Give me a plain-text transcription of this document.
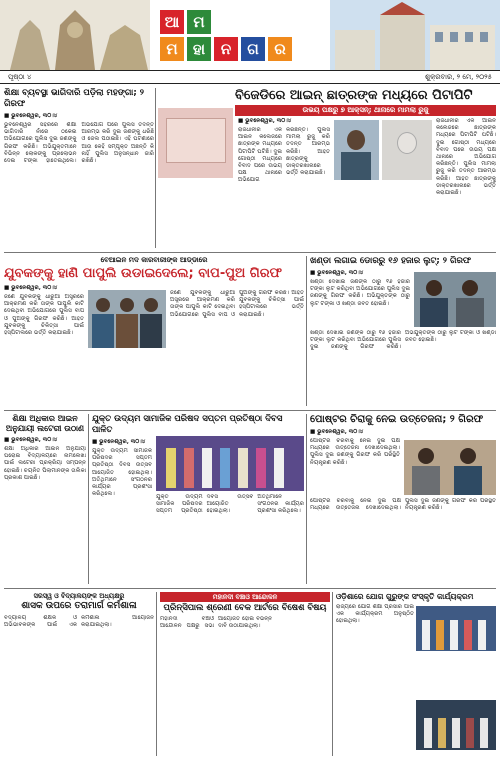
ଆ ମ
ମ	ହା	ନ	ଗ	ର
ପୃଷ୍ଠା ୪	ଶୁକ୍ରବାର, ୨ ମେ, ୨୦୨୫
ଶିକ୍ଷା ବ୍ୟବସ୍ଥା ଭାଗିଦାରି ପଡ଼ିଲା ମହଙ୍ଗା; ୨ ଗିରଫ
■ ଭୁବନେଶ୍ୱର, ୩୦।୪
ଭୁବନେଶ୍ୱର ସହରରେ ଶିକ୍ଷା ଭାଗିଦାରି ନାଁରେ ଠକେଇ ଅଭିଯୋଗରେ ପୁଲିସ ଦୁଇ ଜଣଙ୍କୁ ଗିରଫ କରିଛି। ଅଭିଯୁକ୍ତମାନେ ବିଭିନ୍ନ ଲୋକଙ୍କୁ ପ୍ରଲୋଭନ ଦେଇ ଟଙ୍କା ହାତେଇଥିଲେ। ଅଭିଯୋଗ ପରେ ପୁଲିସ ତଦନ୍ତ ଆରମ୍ଭ କରି ଦୁଇ ଜଣଙ୍କୁ ଧରିଛି ଓ ଜେଲ ପଠାଇଛି। ଏହି ଘଟଣାରେ ଆଉ କେହି ସମ୍ପୃକ୍ତ ଅଛନ୍ତି କି ନାହିଁ ପୁଲିସ ଅନୁସନ୍ଧାନ ଜାରି ରଖିଛି।
ବିଜେଡିରେ ଆଇନ୍ ଛାତ୍ରଙ୍କ ମଧ୍ୟରେ ପିଟାପିଟି
ଉଭୟ ପକ୍ଷରୁ ୭ ଆକ୍ସନ୍; ଥାନାରେ ମାମଲା ରୁଜୁ
■ ଭୁବନେଶ୍ୱର, ୩୦।୪
ରାଜଧାନୀର ଏକ ଆଇନ କଲେଜରେ ଛାତ୍ରଙ୍କ ମଧ୍ୟରେ ପିଟାପିଟି ଘଟିଛି। ଦୁଇ ଗୋଷ୍ଠୀ ମଧ୍ୟରେ ବିବାଦ ପରେ ଉଭୟ ପକ୍ଷ ଥାନାରେ ଅଭିଯୋଗ କରିଛନ୍ତି। ପୁଲିସ ମାମଲା ରୁଜୁ କରି ତଦନ୍ତ ଆରମ୍ଭ କରିଛି। ଆହତ ଛାତ୍ରଙ୍କୁ ଡାକ୍ତରଖାନାରେ ଭର୍ତ୍ତି କରାଯାଇଛି।
ରାଜଧାନୀର ଏକ ଆଇନ କଲେଜରେ ଛାତ୍ରଙ୍କ ମଧ୍ୟରେ ପିଟାପିଟି ଘଟିଛି। ଦୁଇ ଗୋଷ୍ଠୀ ମଧ୍ୟରେ ବିବାଦ ପରେ ଉଭୟ ପକ୍ଷ ଥାନାରେ ଅଭିଯୋଗ କରିଛନ୍ତି। ପୁଲିସ ମାମଲା ରୁଜୁ କରି ତଦନ୍ତ ଆରମ୍ଭ କରିଛି। ଆହତ ଛାତ୍ରଙ୍କୁ ଡାକ୍ତରଖାନାରେ ଭର୍ତ୍ତି କରାଯାଇଛି।
ବେଆଇନ ମଦ କାରବାରୀଙ୍କ ଆଡ୍ଡାରେ
ଯୁବକଙ୍କୁ ହାଣି ପାପୁଲି ଉଡାଇଦେଲେ; ବାପ-ପୁଅ ଗିରଫ
■ ଭୁବନେଶ୍ୱର, ୩୦।୪
ଜଣେ ଯୁବକଙ୍କୁ ଧାରୁଆ ଅସ୍ତ୍ରରେ ଆକ୍ରମଣ କରି ତାଙ୍କ ପାପୁଲି କାଟି ଦେଇଥିବା ଅଭିଯୋଗରେ ପୁଲିସ ବାପ ଓ ପୁଅଙ୍କୁ ଗିରଫ କରିଛି। ଆହତ ଯୁବକଙ୍କୁ ଚିକିତ୍ସା ପାଇଁ ହସ୍ପିଟାଲରେ ଭର୍ତ୍ତି କରାଯାଇଛି।
ଜଣେ ଯୁବକଙ୍କୁ ଧାରୁଆ ଅସ୍ତ୍ରରେ ଆକ୍ରମଣ କରି ତାଙ୍କ ପାପୁଲି କାଟି ଦେଇଥିବା ଅଭିଯୋଗରେ ପୁଲିସ ବାପ ଓ ପୁଅଙ୍କୁ ଗିରଫ କରିଛି। ଆହତ ଯୁବକଙ୍କୁ ଚିକିତ୍ସା ପାଇଁ ହସ୍ପିଟାଲରେ ଭର୍ତ୍ତି କରାଯାଇଛି।
ଖଣ୍ଡା ଲଗାଇ ଡୋରରୁ ୧୬ ହଜାର ଲୁଟ୍; ୨ ଗିରଫ
■ ଭୁବନେଶ୍ୱର, ୩୦।୪
ଖଣ୍ଡା ଦେଖାଇ ଜଣଙ୍କ ଠାରୁ ୧୬ ହଜାର ଟଙ୍କା ଲୁଟ କରିଥିବା ଅଭିଯୋଗରେ ପୁଲିସ ଦୁଇ ଜଣଙ୍କୁ ଗିରଫ କରିଛି। ଅଭିଯୁକ୍ତଙ୍କ ଠାରୁ ଲୁଟ ଟଙ୍କା ଓ ଖଣ୍ଡା ଜବତ ହୋଇଛି।
ଖଣ୍ଡା ଦେଖାଇ ଜଣଙ୍କ ଠାରୁ ୧୬ ହଜାର ଟଙ୍କା ଲୁଟ କରିଥିବା ଅଭିଯୋଗରେ ପୁଲିସ ଦୁଇ ଜଣଙ୍କୁ ଗିରଫ କରିଛି। ଅଭିଯୁକ୍ତଙ୍କ ଠାରୁ ଲୁଟ ଟଙ୍କା ଓ ଖଣ୍ଡା ଜବତ ହୋଇଛି।
ଶିକ୍ଷା ଅଧିକାର ଆଇନ ଅନୁଯାୟୀ ଲଟେରୀ ଉଠାଣ
■ ଭୁବନେଶ୍ୱର, ୩୦।୪
ଶିକ୍ଷା ଅଧିକାର ଆଇନ ଅନୁଯାୟୀ ଘରୋଇ ବିଦ୍ୟାଳୟରେ ନାମଲେଖା ପାଇଁ ଲଟେରୀ ପ୍ରକ୍ରିୟା ସମ୍ପନ୍ନ ହୋଇଛି। ଚୟନିତ ପିଲାମାନଙ୍କ ତାଲିକା ପ୍ରକାଶ ପାଇଛି।
ଯୁକ୍ତ ଉଦ୍ୟମ ସାମାଜିକ ପରିଷଦ ସପ୍ତମ ପ୍ରତିଷ୍ଠା ଦିବସ ପାଳିତ
■ ଭୁବନେଶ୍ୱର, ୩୦।୪
ଯୁକ୍ତ ଉଦ୍ୟମ ସାମାଜିକ ପରିଷଦର ସପ୍ତମ ପ୍ରତିଷ୍ଠା ଦିବସ ଉତ୍ସବ ଆୟୋଜିତ ହୋଇଥିଲା। ଅତିଥିମାନେ ସଂଗଠନର କାର୍ଯ୍ୟର ପ୍ରଶଂସା କରିଥିଲେ।	ଯୁକ୍ତ ଉଦ୍ୟମ ସାମାଜିକ ପରିଷଦର ସପ୍ତମ ପ୍ରତିଷ୍ଠା ଦିବସ ଉତ୍ସବ ଆୟୋଜିତ ହୋଇଥିଲା। ଅତିଥିମାନେ ସଂଗଠନର କାର୍ଯ୍ୟର ପ୍ରଶଂସା କରିଥିଲେ।
ପୋଷ୍ଟର ଚିରାକୁ ନେଇ ଉତ୍ତେଜନା; ୨ ଗିରଫ
■ ଭୁବନେଶ୍ୱର, ୩୦।୪
ପୋଷ୍ଟର ଚିରିବାକୁ ନେଇ ଦୁଇ ପକ୍ଷ ମଧ୍ୟରେ ଉତ୍ତେଜନା ଦେଖାଦେଇଥିଲା। ପୁଲିସ ଦୁଇ ଜଣଙ୍କୁ ଗିରଫ କରି ପରିସ୍ଥିତି ନିୟନ୍ତ୍ରଣ କରିଛି।
ପୋଷ୍ଟର ଚିରିବାକୁ ନେଇ ଦୁଇ ପକ୍ଷ ମଧ୍ୟରେ ଉତ୍ତେଜନା ଦେଖାଦେଇଥିଲା। ପୁଲିସ ଦୁଇ ଜଣଙ୍କୁ ଗିରଫ କରି ପରିସ୍ଥିତି ନିୟନ୍ତ୍ରଣ କରିଛି।
ସରସ୍ୱ ଓ ବିଦ୍ୟାଳୟଙ୍କ ଅଧ୍ୟକ୍ଷରୁ
ଶାସକ ଉପରେ ତରାମାର୍ଗ କର୍ମଶାଳା
ବିଦ୍ୟାଳୟ ଶିକ୍ଷକ ଓ ଅଭିଭାବକଙ୍କ ପାଇଁ ଏକ କର୍ମଶାଳା ଆୟୋଜନ କରାଯାଇଥିଲା।
ମହାନଦୀ ବଞ୍ଚାଓ ଆନ୍ଦୋଳନ
ପ୍ରିନ୍ସିପାଲ ଶ୍ରେଣୀ ବେକ ଆର୍ଟରେ ବିଷେଶ ବିଷୟ
ମହାନଦୀ ବଞ୍ଚାଓ ଆନ୍ଦୋଳନ ପକ୍ଷରୁ ସଭା ଆୟୋଜିତ ହୋଇ ବିଭିନ୍ନ ଦାବି ଉଠାଯାଇଥିଲା।
ଓଡ଼ିଶାରେ ଯୋଗ ଗୁରୁଙ୍କ ସଂସ୍କୃତି କାର୍ଯ୍ୟକ୍ରମ
ରାଜ୍ୟରେ ଯୋଗ ଶିକ୍ଷା ପ୍ରସାର ପାଇଁ ଏକ କାର୍ଯ୍ୟକ୍ରମ ଅନୁଷ୍ଠିତ ହୋଇଥିଲା।
